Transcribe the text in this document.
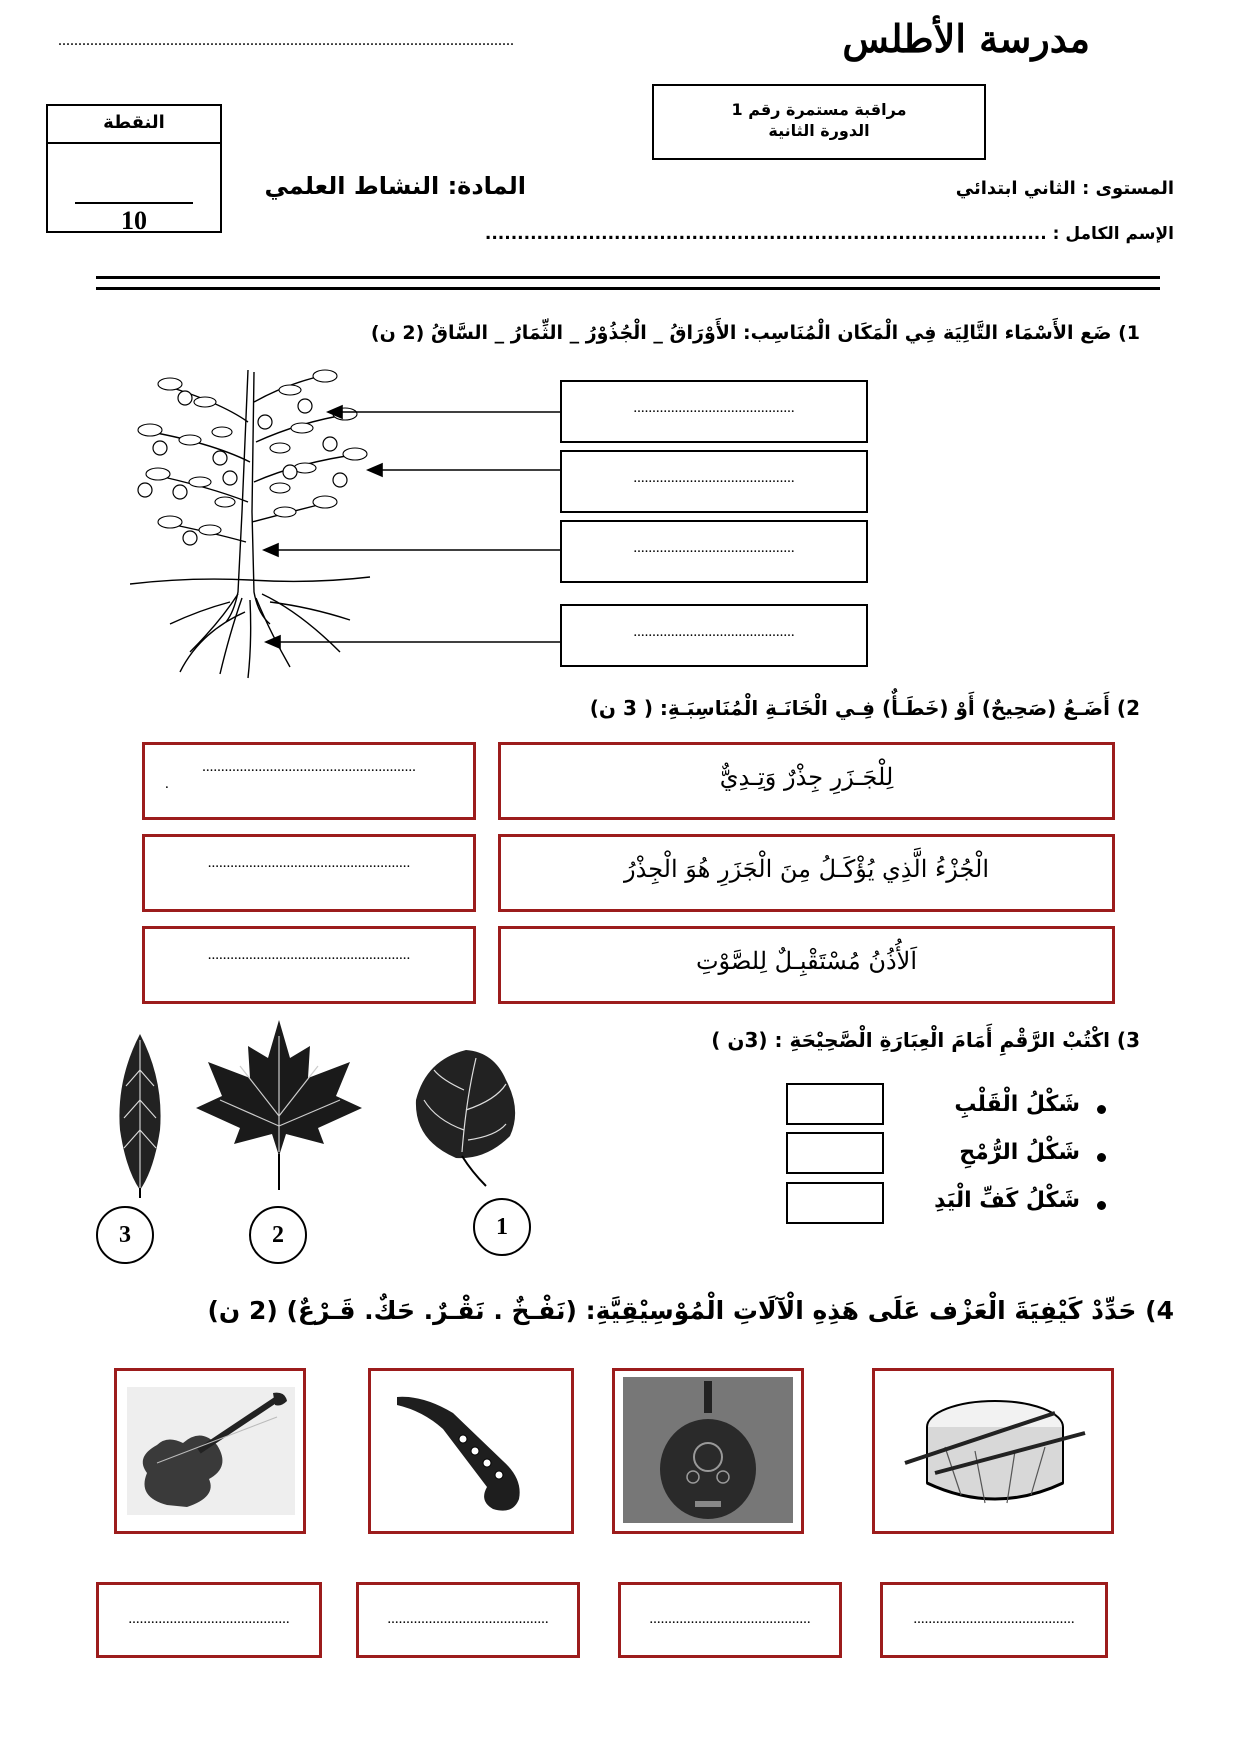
مدرسة الأطلس
..................................................................................................................
مراقبة مستمرة رقم 1
الدورة الثانية
النقطة
10
المادة: النشاط العلمي	المستوى : الثاني ابتدائي
الإسم الكامل : .......................................................................................
1) ضَع الأَسْمَاء التَّالِيَة فِي الْمَكَان الْمُنَاسِب: الأَوْرَاقُ _ الْجُذُوْرُ _ الثِّمَارُ _ السَّاقُ (2 ن)
...........................................
...........................................
...........................................
...........................................
2) أَضَـعُ (صَحِيحٌ) أَوْ (خَطَـأٌ) فِـي الْخَانَـةِ الْمُنَاسِبَـةِ: ( 3 ن)
لِلْجَـزَرِ جِذْرٌ وَتِـدِيٌّ
.........................................................
.
الْجُزْءُ الَّذِي يُؤْكَـلُ مِنَ الْجَزَرِ هُوَ الْجِذْرُ
......................................................
اَلأُذُنُ مُسْتَقْبِـلٌ لِلصَّوْتِ
......................................................
3) اكْتُبْ الرَّقْمِ أَمَامَ الْعِبَارَةِ الْصَّحِيْحَةِ : (3ن )
شَكْلُ الْقَلْبِ
شَكْلُ الرُّمْحِ
شَكْلُ كَفِّ الْيَدِ
1
2
3
4) حَدِّدْ كَيْفِيَةَ الْعَزْف عَلَى هَذِهِ الْآلَاتِ الْمُوْسِيْقِيَّةِ: (نَفْـخٌ . نَقْـرٌ. حَكٌ. قَـرْعٌ) (2 ن)
...........................................	...........................................	...........................................	...........................................
